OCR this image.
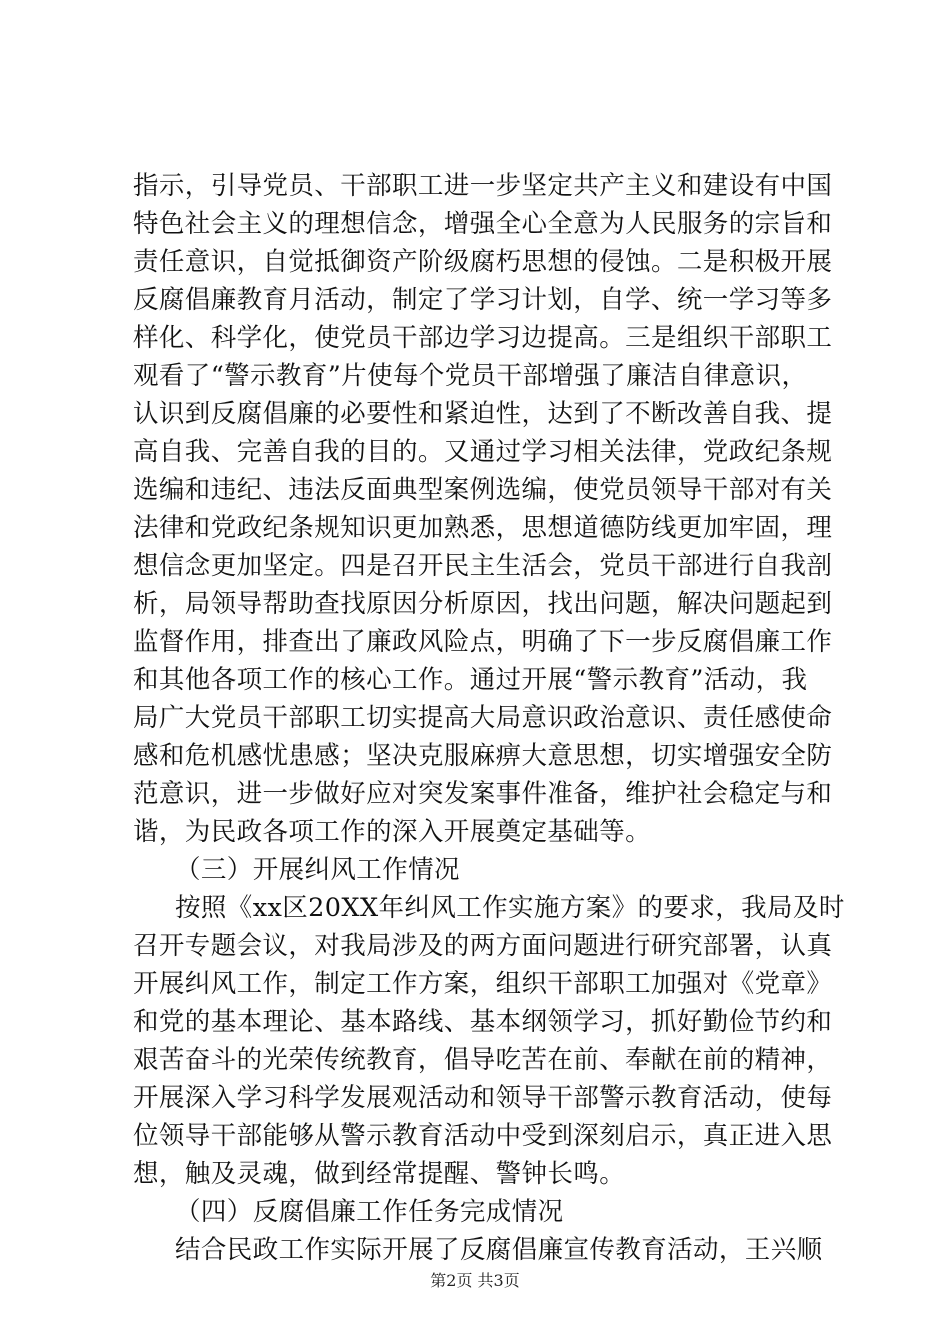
指示，引导党员、干部职工进一步坚定共产主义和建设有中国
特色社会主义的理想信念，增强全心全意为人民服务的宗旨和
责任意识，自觉抵御资产阶级腐朽思想的侵蚀。二是积极开展
反腐倡廉教育月活动，制定了学习计划，自学、统一学习等多
样化、科学化，使党员干部边学习边提高。三是组织干部职工
观看了“警示教育”片使每个党员干部增强了廉洁自律意识，
认识到反腐倡廉的必要性和紧迫性，达到了不断改善自我、提
高自我、完善自我的目的。又通过学习相关法律，党政纪条规
选编和违纪、违法反面典型案例选编，使党员领导干部对有关
法律和党政纪条规知识更加熟悉，思想道德防线更加牢固，理
想信念更加坚定。四是召开民主生活会，党员干部进行自我剖
析，局领导帮助查找原因分析原因，找出问题，解决问题起到
监督作用，排查出了廉政风险点，明确了下一步反腐倡廉工作
和其他各项工作的核心工作。通过开展“警示教育”活动，我
局广大党员干部职工切实提高大局意识政治意识、责任感使命
感和危机感忧患感；坚决克服麻痹大意思想，切实增强安全防
范意识，进一步做好应对突发案事件准备，维护社会稳定与和
谐，为民政各项工作的深入开展奠定基础等。
（三）开展纠风工作情况
按照《xx区20XX年纠风工作实施方案》的要求，我局及时
召开专题会议，对我局涉及的两方面问题进行研究部署，认真
开展纠风工作，制定工作方案，组织干部职工加强对《党章》
和党的基本理论、基本路线、基本纲领学习，抓好勤俭节约和
艰苦奋斗的光荣传统教育，倡导吃苦在前、奉献在前的精神，
开展深入学习科学发展观活动和领导干部警示教育活动，使每
位领导干部能够从警示教育活动中受到深刻启示，真正进入思
想，触及灵魂，做到经常提醒、警钟长鸣。
（四）反腐倡廉工作任务完成情况
结合民政工作实际开展了反腐倡廉宣传教育活动，王兴顺
第2页 共3页
